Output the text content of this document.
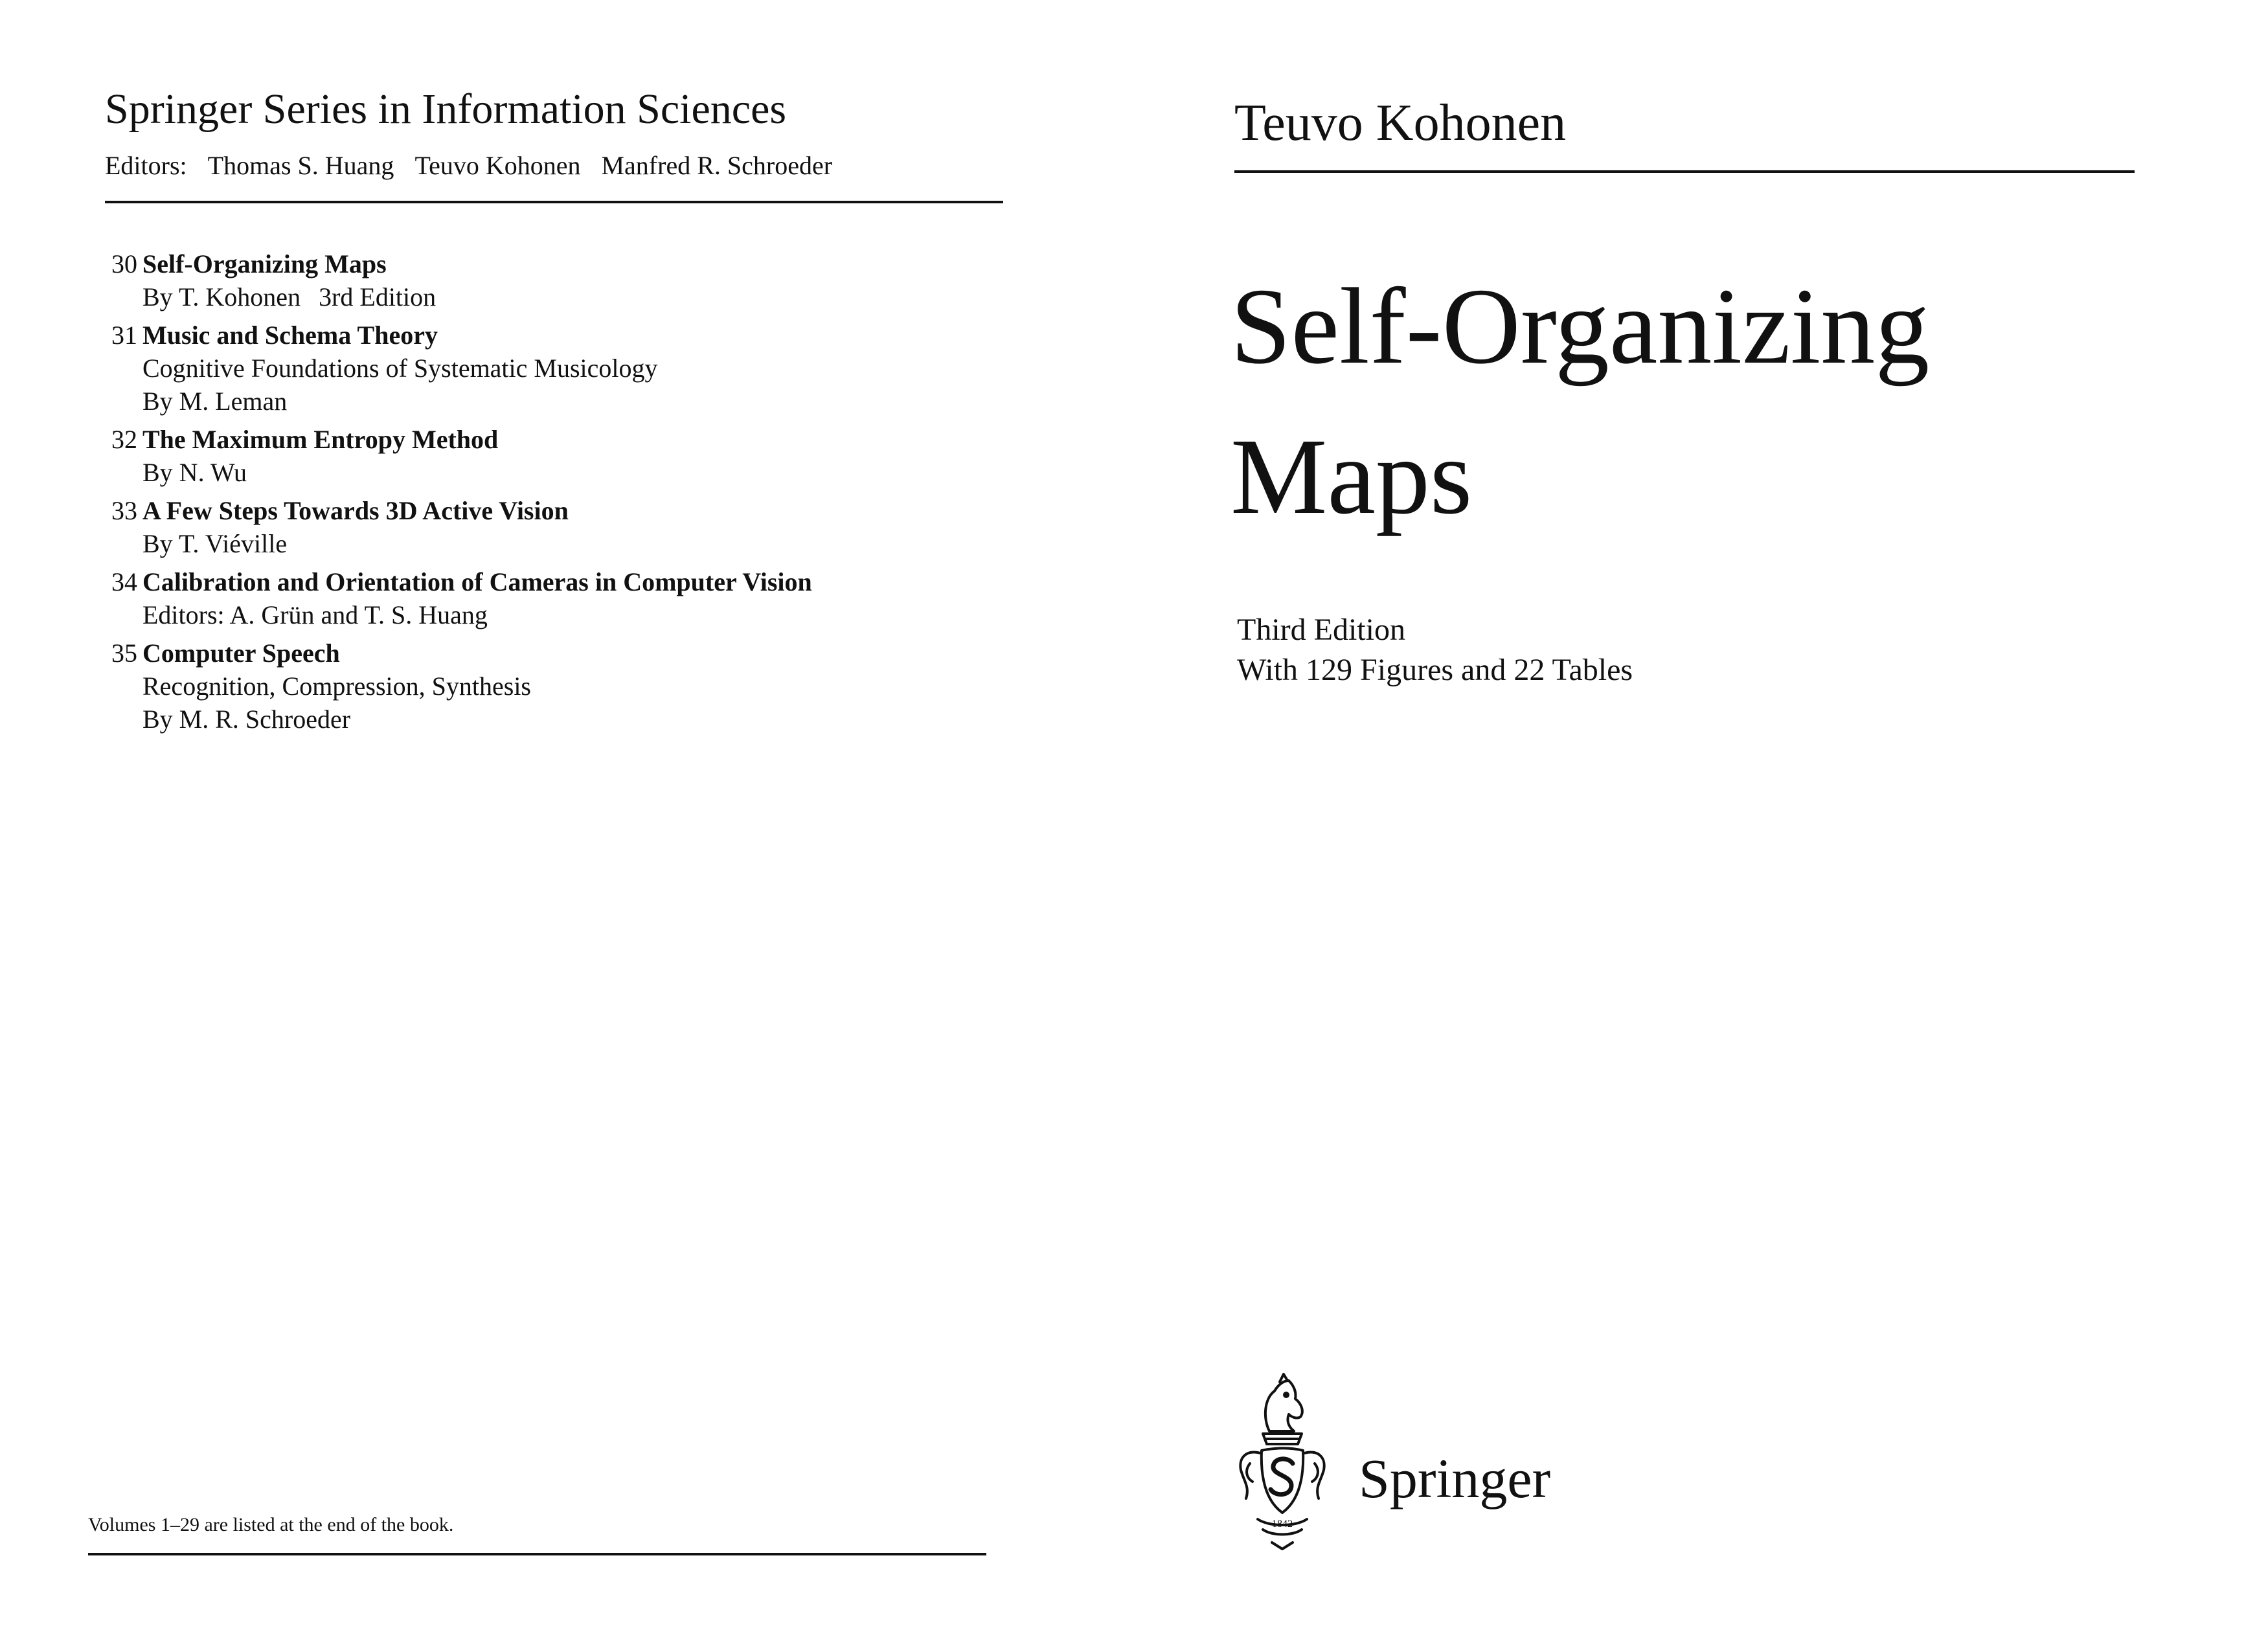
Springer Series in Information Sciences
Editors: Thomas S. Huang Teuvo Kohonen Manfred R. Schroeder
30 Self-Organizing Maps
By T. Kohonen 3rd Edition
31 Music and Schema Theory
Cognitive Foundations of Systematic Musicology
By M. Leman
32 The Maximum Entropy Method
By N. Wu
33 A Few Steps Towards 3D Active Vision
By T. Viéville
34 Calibration and Orientation of Cameras in Computer Vision
Editors: A. Grün and T. S. Huang
35 Computer Speech
Recognition, Compression, Synthesis
By M. R. Schroeder
Volumes 1–29 are listed at the end of the book.
Teuvo Kohonen
Self-Organizing
Maps
Third Edition
With 129 Figures and 22 Tables
1842
Springer
